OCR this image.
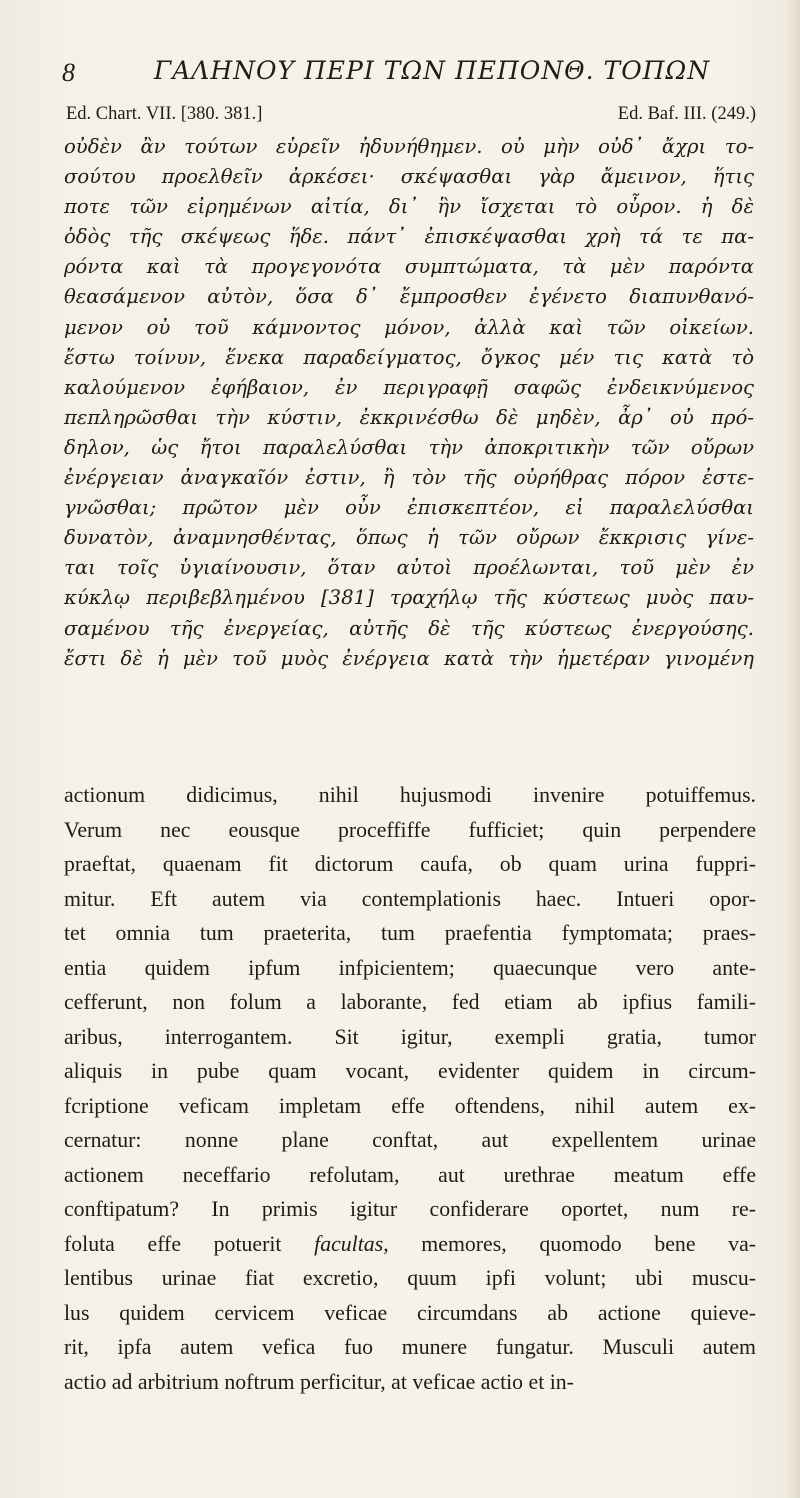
8	ΓΑΛΗΝΟΥ ΠΕΡΙ ΤΩΝ ΠΕΠΟΝΘ. ΤΟΠΩΝ
Ed. Chart. VII. [380. 381.]	Ed. Baf. III. (249.)
οὐδὲν ἂν τούτων εὑρεῖν ἠδυνήθημεν. οὐ μὴν οὐδ᾽ ἄχρι το-
σούτου προελθεῖν ἀρκέσει· σκέψασθαι γὰρ ἄμεινον, ἥτις
ποτε τῶν εἰρημένων αἰτία, δι᾽ ἣν ἴσχεται τὸ οὖρον. ἡ δὲ
ὁδὸς τῆς σκέψεως ἥδε. πάντ᾽ ἐπισκέψασθαι χρὴ τά τε πα-
ρόντα καὶ τὰ προγεγονότα συμπτώματα, τὰ μὲν παρόντα
θεασάμενον αὐτὸν, ὅσα δ᾽ ἔμπροσθεν ἐγένετο διαπυνθανό-
μενον οὐ τοῦ κάμνοντος μόνον, ἀλλὰ καὶ τῶν οἰκείων.
ἔστω τοίνυν, ἕνεκα παραδείγματος, ὄγκος μέν τις κατὰ τὸ
καλούμενον ἐφήβαιον, ἐν περιγραφῇ σαφῶς ἐνδεικνύμενος
πεπληρῶσθαι τὴν κύστιν, ἐκκρινέσθω δὲ μηδὲν, ἆρ᾽ οὐ πρό-
δηλον, ὡς ἤτοι παραλελύσθαι τὴν ἀποκριτικὴν τῶν οὔρων
ἐνέργειαν ἀναγκαῖόν ἐστιν, ἢ τὸν τῆς οὐρήθρας πόρον ἐστε-
γνῶσθαι; πρῶτον μὲν οὖν ἐπισκεπτέον, εἰ παραλελύσθαι
δυνατὸν, ἀναμνησθέντας, ὅπως ἡ τῶν οὔρων ἔκκρισις γίνε-
ται τοῖς ὑγιαίνουσιν, ὅταν αὐτοὶ προέλωνται, τοῦ μὲν ἐν
κύκλῳ περιβεβλημένου [381] τραχήλῳ τῆς κύστεως μυὸς παυ-
σαμένου τῆς ἐνεργείας, αὐτῆς δὲ τῆς κύστεως ἐνεργούσης.
ἔστι δὲ ἡ μὲν τοῦ μυὸς ἐνέργεια κατὰ τὴν ἡμετέραν γινομένη
actionum didicimus, nihil hujusmodi invenire potuiffemus.
Verum nec eousque proceffiffe fufficiet; quin perpendere
praeftat, quaenam fit dictorum caufa, ob quam urina fuppri-
mitur. Eft autem via contemplationis haec. Intueri opor-
tet omnia tum praeterita, tum praefentia fymptomata; praes-
entia quidem ipfum infpicientem; quaecunque vero ante-
cefferunt, non folum a laborante, fed etiam ab ipfius famili-
aribus, interrogantem. Sit igitur, exempli gratia, tumor
aliquis in pube quam vocant, evidenter quidem in circum-
fcriptione veficam impletam effe oftendens, nihil autem ex-
cernatur: nonne plane conftat, aut expellentem urinae
actionem neceffario refolutam, aut urethrae meatum effe
conftipatum? In primis igitur confiderare oportet, num re-
foluta effe potuerit facultas, memores, quomodo bene va-
lentibus urinae fiat excretio, quum ipfi volunt; ubi muscu-
lus quidem cervicem veficae circumdans ab actione quieve-
rit, ipfa autem vefica fuo munere fungatur. Musculi autem
actio ad arbitrium noftrum perficitur, at veficae actio et in-
